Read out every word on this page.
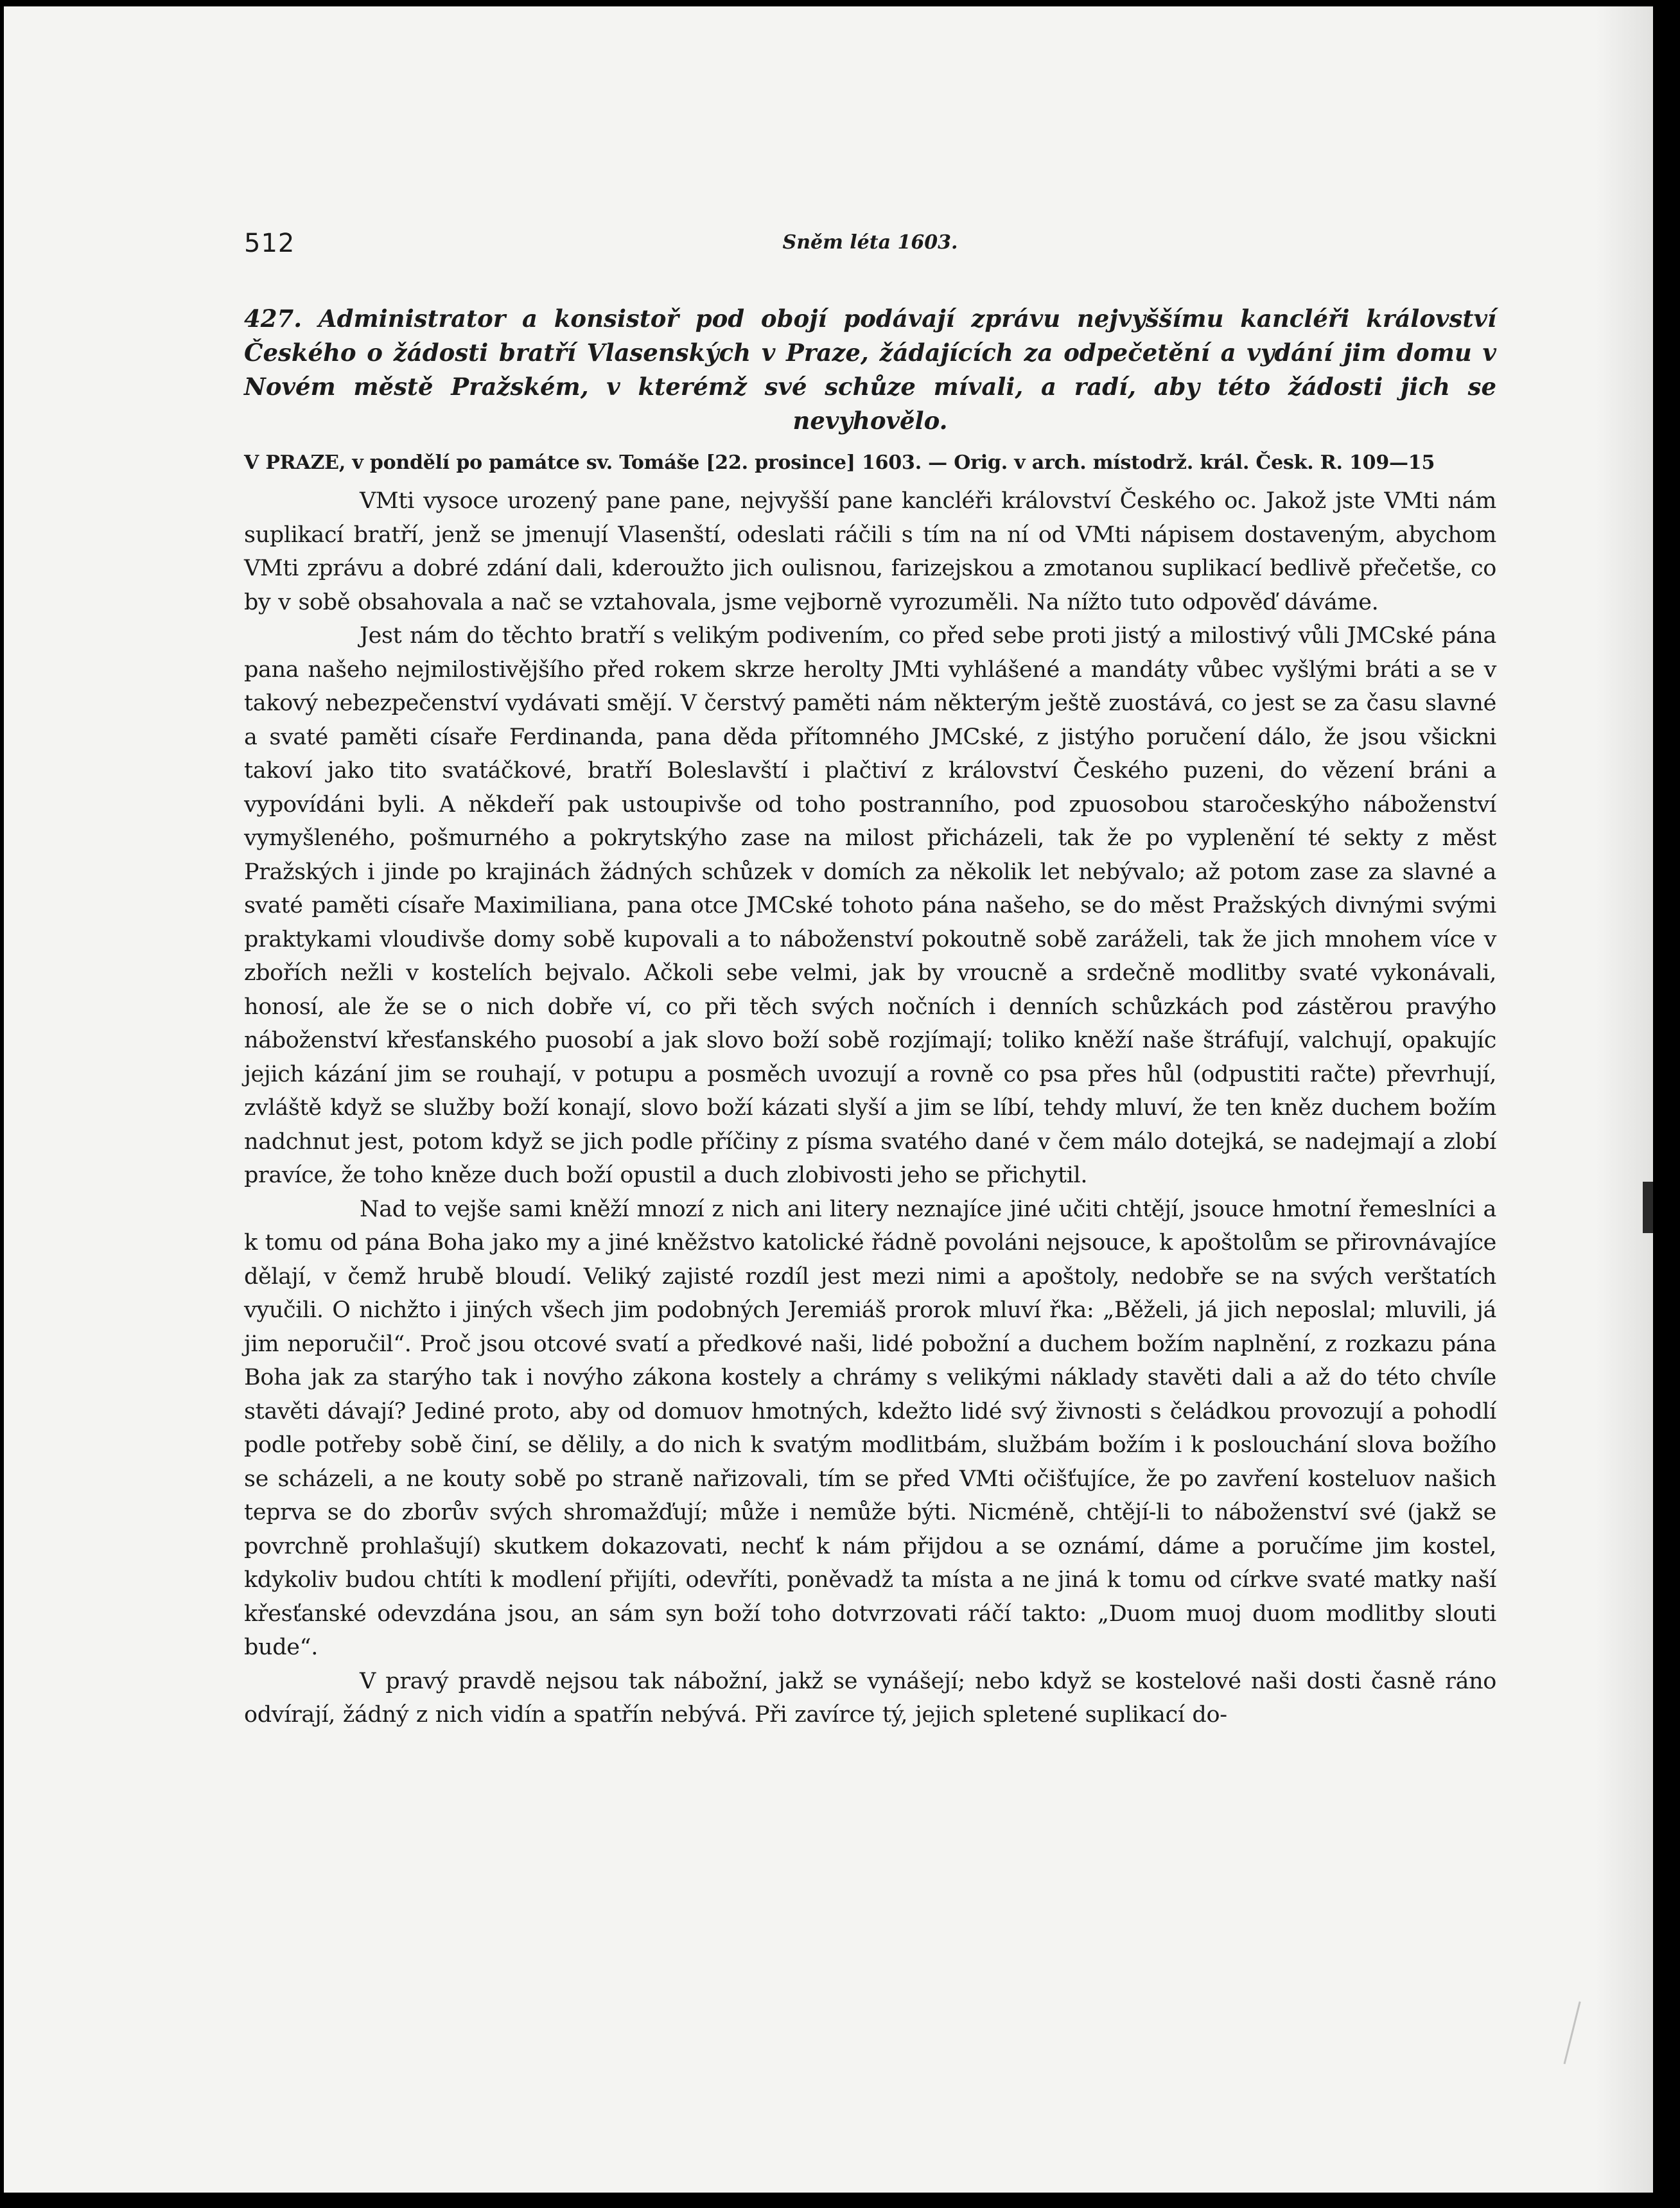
512	Sněm léta 1603.
427. Administrator a konsistoř pod obojí podávají zprávu nejvyššímu kancléři království Českého o žádosti bratří Vlasenských v Praze, žádajících za odpečetění a vydání jim domu v Novém městě Pražském, v kterémž své schůze mívali, a radí, aby této žádosti jich se nevyhovělo.
V PRAZE, v pondělí po památce sv. Tomáše [22. prosince] 1603. — Orig. v arch. místodrž. král. Česk. R. 109—15

VMti vysoce urozený pane pane, nejvyšší pane kancléři království Českého oc. Jakož jste VMti nám suplikací bratří, jenž se jmenují Vlasenští, odeslati ráčili s tím na ní od VMti nápisem dostaveným, abychom VMti zprávu a dobré zdání dali, kderoužto jich oulisnou, farizejskou a zmotanou suplikací bedlivě přečetše, co by v sobě obsahovala a nač se vztahovala, jsme vejborně vyrozuměli. Na nížto tuto odpověď dáváme.

Jest nám do těchto bratří s velikým podivením, co před sebe proti jistý a milostivý vůli JMCské pána pana našeho nejmilostivějšího před rokem skrze herolty JMti vyhlášené a mandáty vůbec vyšlými bráti a se v takový nebezpečenství vydávati smějí. V čerstvý paměti nám některým ještě zuostává, co jest se za času slavné a svaté paměti císaře Ferdinanda, pana děda přítomného JMCské, z jistýho poručení dálo, že jsou všickni takoví jako tito svatáčkové, bratří Boleslavští i plačtiví z království Českého puzeni, do vězení bráni a vypovídáni byli. A někdeří pak ustoupivše od toho postranního, pod zpuosobou staročeskýho náboženství vymyšleného, pošmurného a pokrytskýho zase na milost přicházeli, tak že po vyplenění té sekty z měst Pražských i jinde po krajinách žádných schůzek v domích za několik let nebývalo; až potom zase za slavné a svaté paměti císaře Maximiliana, pana otce JMCské tohoto pána našeho, se do měst Pražských divnými svými praktykami vloudivše domy sobě kupovali a to náboženství pokoutně sobě zaráželi, tak že jich mnohem více v zbořích nežli v kostelích bejvalo. Ačkoli sebe velmi, jak by vroucně a srdečně modlitby svaté vykonávali, honosí, ale že se o nich dobře ví, co při těch svých nočních i denních schůzkách pod zástěrou pravýho náboženství křesťanského puosobí a jak slovo boží sobě rozjímají; toliko kněží naše štráfují, valchují, opakujíc jejich kázání jim se rouhají, v potupu a posměch uvozují a rovně co psa přes hůl (odpustiti račte) převrhují, zvláště když se služby boží konají, slovo boží kázati slyší a jim se líbí, tehdy mluví, že ten kněz duchem božím nadchnut jest, potom když se jich podle příčiny z písma svatého dané v čem málo dotejká, se nadejmají a zlobí pravíce, že toho kněze duch boží opustil a duch zlobivosti jeho se přichytil.

Nad to vejše sami kněží mnozí z nich ani litery neznajíce jiné učiti chtějí, jsouce hmotní řemeslníci a k tomu od pána Boha jako my a jiné kněžstvo katolické řádně povoláni nejsouce, k apoštolům se přirovnávajíce dělají, v čemž hrubě bloudí. Veliký zajisté rozdíl jest mezi nimi a apoštoly, nedobře se na svých verštatích vyučili. O nichžto i jiných všech jim podobných Jeremiáš prorok mluví řka: „Běželi, já jich neposlal; mluvili, já jim neporučil“. Proč jsou otcové svatí a předkové naši, lidé pobožní a duchem božím naplnění, z rozkazu pána Boha jak za starýho tak i novýho zákona kostely a chrámy s velikými náklady stavěti dali a až do této chvíle stavěti dávají? Jediné proto, aby od domuov hmotných, kdežto lidé svý živnosti s čeládkou provozují a pohodlí podle potřeby sobě činí, se dělily, a do nich k svatým modlitbám, službám božím i k poslouchání slova božího se scházeli, a ne kouty sobě po straně nařizovali, tím se před VMti očišťujíce, že po zavření kosteluov našich teprva se do zborův svých shromažďují; může i nemůže býti. Nicméně, chtějí-li to náboženství své (jakž se povrchně prohlašují) skutkem dokazovati, nechť k nám přijdou a se oznámí, dáme a poručíme jim kostel, kdykoliv budou chtíti k modlení přijíti, odevříti, poněvadž ta místa a ne jiná k tomu od církve svaté matky naší křesťanské odevzdána jsou, an sám syn boží toho dotvrzovati ráčí takto: „Duom muoj duom modlitby slouti bude“.

V pravý pravdě nejsou tak nábožní, jakž se vynášejí; nebo když se kostelové naši dosti časně ráno odvírají, žádný z nich vidín a spatřín nebývá. Při zavírce tý, jejich spletené suplikací do-
